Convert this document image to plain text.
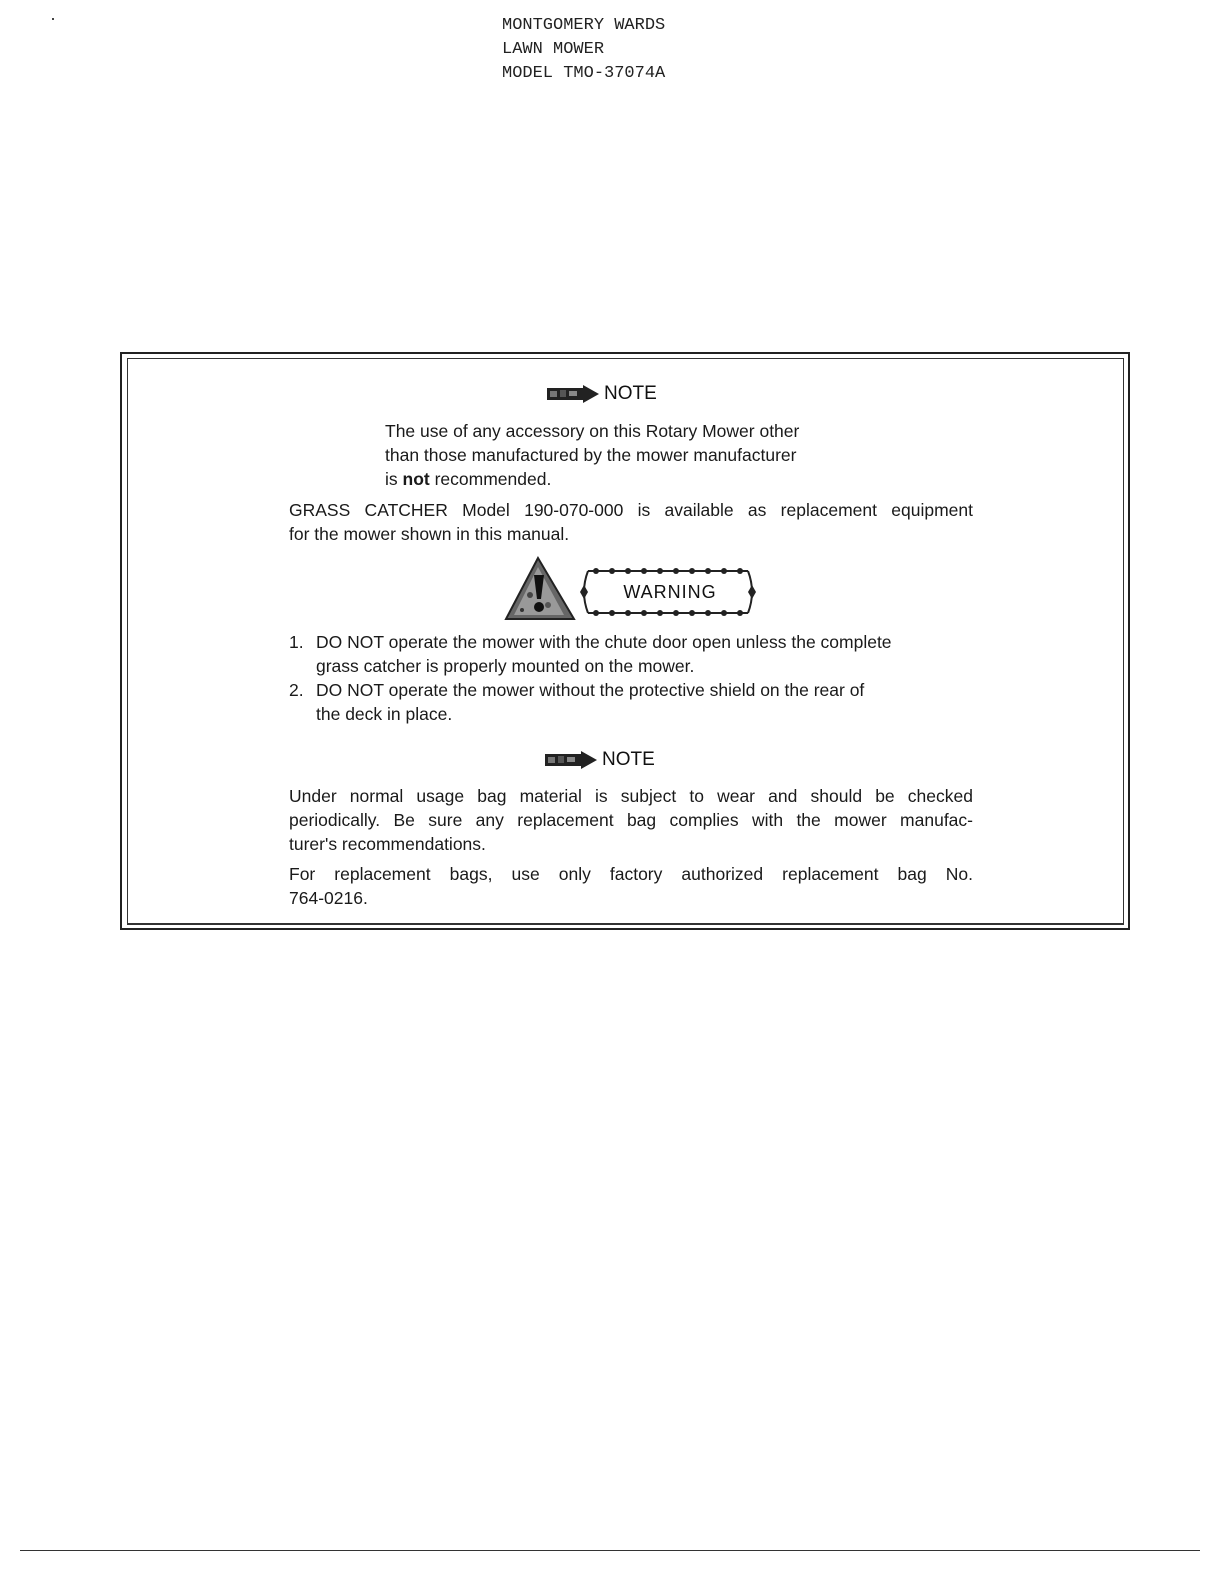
MONTGOMERY WARDS
LAWN MOWER
MODEL TMO-37074A
NOTE
The use of any accessory on this Rotary Mower other
than those manufactured by the mower manufacturer
is not recommended.
GRASS CATCHER Model 190-070-000 is available as replacement equipment
for the mower shown in this manual.
WARNING
1. DO NOT operate the mower with the chute door open unless the complete
grass catcher is properly mounted on the mower.
2. DO NOT operate the mower without the protective shield on the rear of
the deck in place.
NOTE
Under normal usage bag material is subject to wear and should be checked
periodically. Be sure any replacement bag complies with the mower manufac-
turer's recommendations.
For replacement bags, use only factory authorized replacement bag No.
764-0216.
